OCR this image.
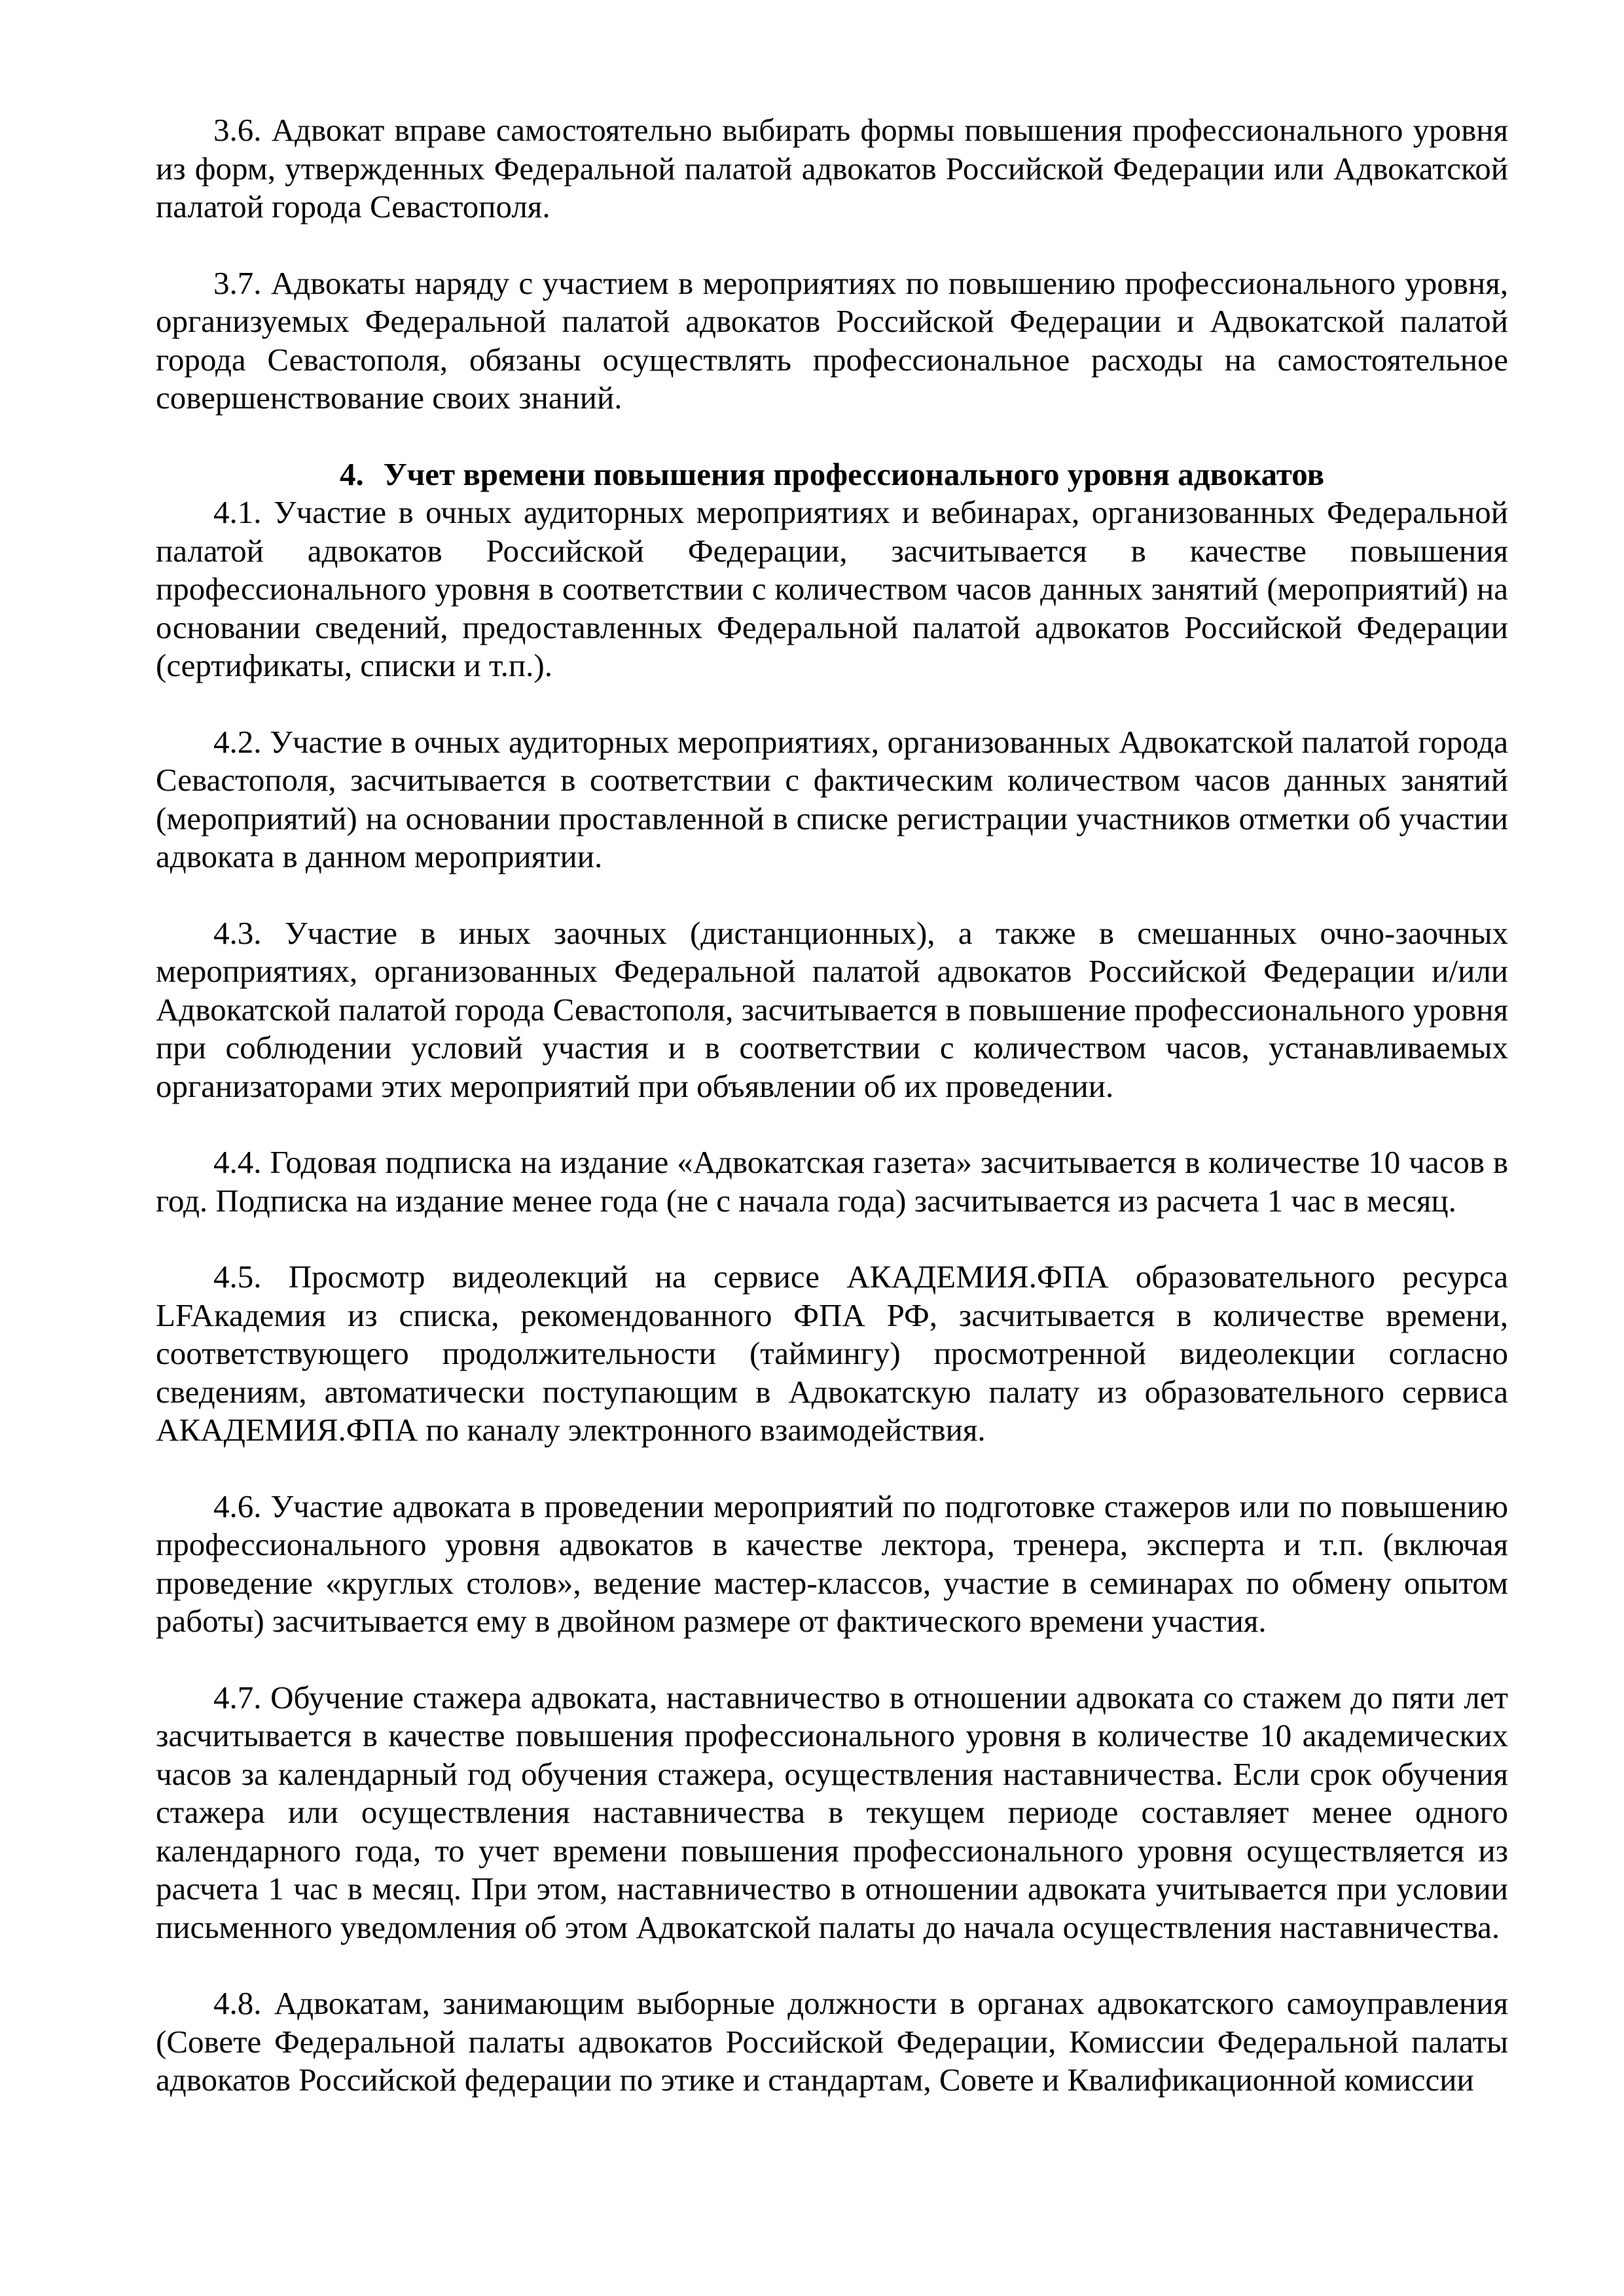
3.6. Адвокат вправе самостоятельно выбирать формы повышения профессионального уровня из форм, утвержденных Федеральной палатой адвокатов Российской Федерации или Адвокатской палатой города Севастополя.

3.7. Адвокаты наряду с участием в мероприятиях по повышению профессионального уровня, организуемых Федеральной палатой адвокатов Российской Федерации и Адвокатской палатой города Севастополя, обязаны осуществлять профессиональное расходы на самостоятельное совершенствование своих знаний.

4. Учет времени повышения профессионального уровня адвокатов

4.1. Участие в очных аудиторных мероприятиях и вебинарах, организованных Федеральной палатой адвокатов Российской Федерации, засчитывается в качестве повышения профессионального уровня в соответствии с количеством часов данных занятий (мероприятий) на основании сведений, предоставленных Федеральной палатой адвокатов Российской Федерации (сертификаты, списки и т.п.).

4.2. Участие в очных аудиторных мероприятиях, организованных Адвокатской палатой города Севастополя, засчитывается в соответствии с фактическим количеством часов данных занятий (мероприятий) на основании проставленной в списке регистрации участников отметки об участии адвоката в данном мероприятии.

4.3. Участие в иных заочных (дистанционных), а также в смешанных очно-заочных мероприятиях, организованных Федеральной палатой адвокатов Российской Федерации и/или Адвокатской палатой города Севастополя, засчитывается в повышение профессионального уровня при соблюдении условий участия и в соответствии с количеством часов, устанавливаемых организаторами этих мероприятий при объявлении об их проведении.

4.4. Годовая подписка на издание «Адвокатская газета» засчитывается в количестве 10 часов в год. Подписка на издание менее года (не с начала года) засчитывается из расчета 1 час в месяц.

4.5. Просмотр видеолекций на сервисе АКАДЕМИЯ.ФПА образовательного ресурса LFAкадемия из списка, рекомендованного ФПА РФ, засчитывается в количестве времени, соответствующего продолжительности (таймингу) просмотренной видеолекции согласно сведениям, автоматически поступающим в Адвокатскую палату из образовательного сервиса АКАДЕМИЯ.ФПА по каналу электронного взаимодействия.

4.6. Участие адвоката в проведении мероприятий по подготовке стажеров или по повышению профессионального уровня адвокатов в качестве лектора, тренера, эксперта и т.п. (включая проведение «круглых столов», ведение мастер-классов, участие в семинарах по обмену опытом работы) засчитывается ему в двойном размере от фактического времени участия.

4.7. Обучение стажера адвоката, наставничество в отношении адвоката со стажем до пяти лет засчитывается в качестве повышения профессионального уровня в количестве 10 академических часов за календарный год обучения стажера, осуществления наставничества. Если срок обучения стажера или осуществления наставничества в текущем периоде составляет менее одного календарного года, то учет времени повышения профессионального уровня осуществляется из расчета 1 час в месяц. При этом, наставничество в отношении адвоката учитывается при условии письменного уведомления об этом Адвокатской палаты до начала осуществления наставничества.

4.8. Адвокатам, занимающим выборные должности в органах адвокатского самоуправления (Совете Федеральной палаты адвокатов Российской Федерации, Комиссии Федеральной палаты адвокатов Российской федерации по этике и стандартам, Совете и Квалификационной комиссии
